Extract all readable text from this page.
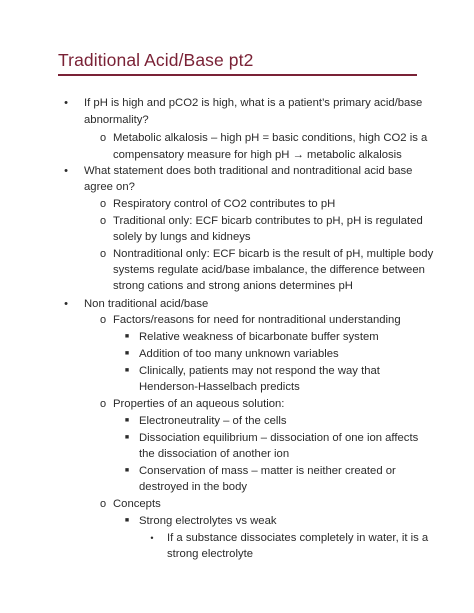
Traditional Acid/Base pt2
• If pH is high and pCO2 is high, what is a patient’s primary acid/base
abnormality?
o Metabolic alkalosis – high pH = basic conditions, high CO2 is a
compensatory measure for high pH → metabolic alkalosis
• What statement does both traditional and nontraditional acid base
agree on?
o Respiratory control of CO2 contributes to pH
o Traditional only: ECF bicarb contributes to pH, pH is regulated
solely by lungs and kidneys
o Nontraditional only: ECF bicarb is the result of pH, multiple body
systems regulate acid/base imbalance, the difference between
strong cations and strong anions determines pH
• Non traditional acid/base
o Factors/reasons for need for nontraditional understanding
■ Relative weakness of bicarbonate buffer system
■ Addition of too many unknown variables
■ Clinically, patients may not respond the way that
Henderson-Hasselbach predicts
o Properties of an aqueous solution:
■ Electroneutrality – of the cells
■ Dissociation equilibrium – dissociation of one ion affects
the dissociation of another ion
■ Conservation of mass – matter is neither created or
destroyed in the body
o Concepts
■ Strong electrolytes vs weak
•	If a substance dissociates completely in water, it is a
strong electrolyte
